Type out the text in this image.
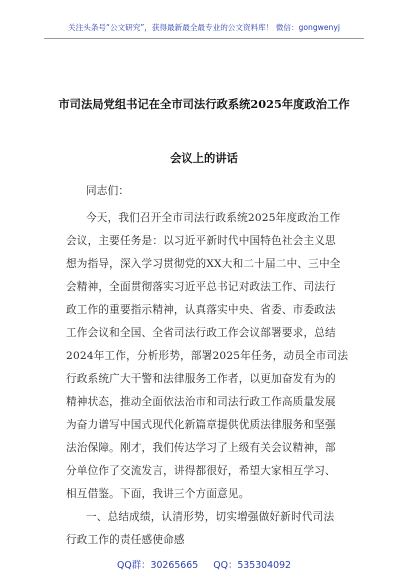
关注头条号“公文研究”，获得最新最全最专业的公文资料库！ 微信：gongwenyj
市司法局党组书记在全市司法行政系统2025年度政治工作
会议上的讲话
同志们：
今天，我们召开全市司法行政系统2025年度政治工作
会议，主要任务是：以习近平新时代中国特色社会主义思
想为指导，深入学习贯彻党的XX大和二十届二中、三中全
会精神，全面贯彻落实习近平总书记对政法工作、司法行
政工作的重要指示精神，认真落实中央、省委、市委政法
工作会议和全国、全省司法行政工作会议部署要求，总结
2024年工作，分析形势，部署2025年任务，动员全市司法
行政系统广大干警和法律服务工作者，以更加奋发有为的
精神状态，推动全面依法治市和司法行政工作高质量发展
为奋力谱写中国式现代化新篇章提供优质法律服务和坚强
法治保障。刚才，我们传达学习了上级有关会议精神，部
分单位作了交流发言，讲得都很好，希望大家相互学习、
相互借鉴。下面，我讲三个方面意见。
一、总结成绩，认清形势，切实增强做好新时代司法
行政工作的责任感使命感
QQ群：30265665 QQ：535304092
